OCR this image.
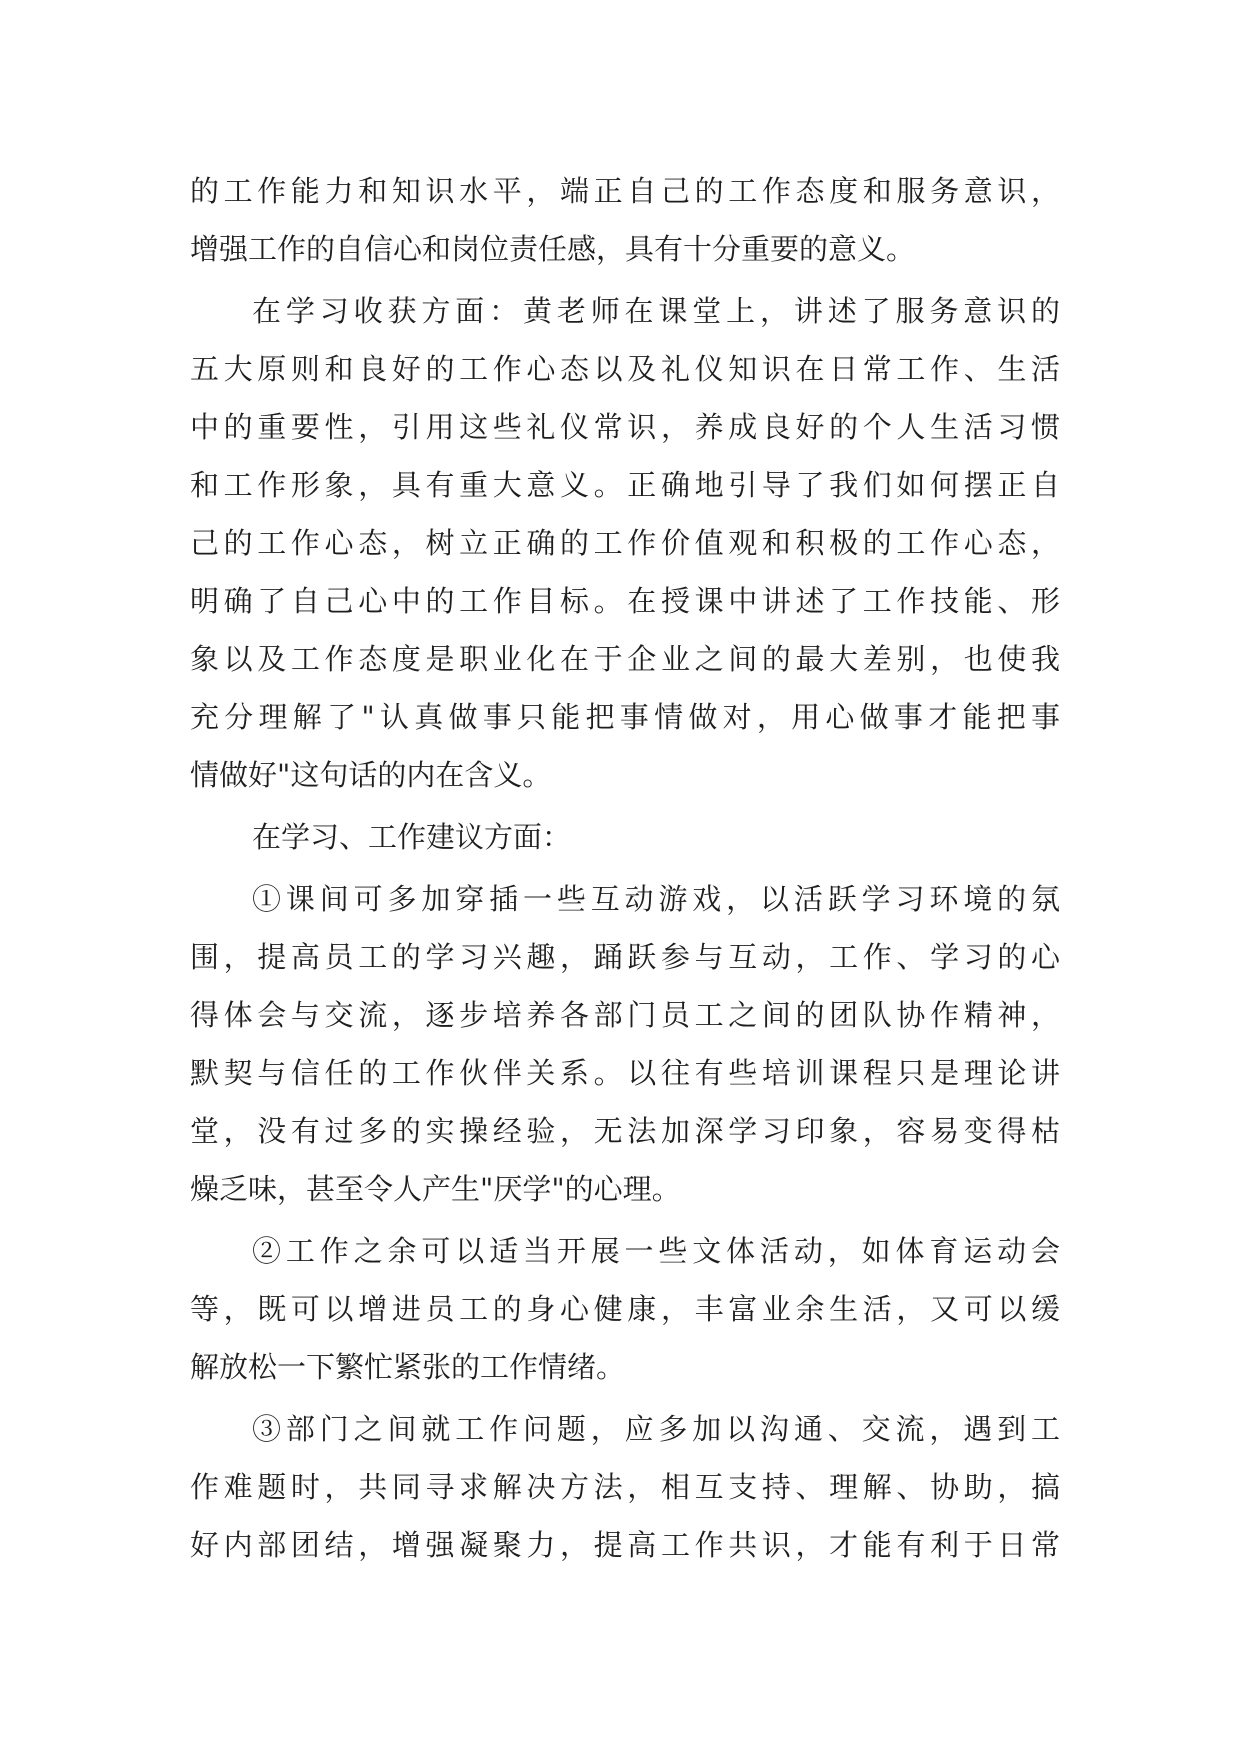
的工作能力和知识水平，端正自己的工作态度和服务意识，
增强工作的自信心和岗位责任感，具有十分重要的意义。
在学习收获方面：黄老师在课堂上，讲述了服务意识的
五大原则和良好的工作心态以及礼仪知识在日常工作、生活
中的重要性，引用这些礼仪常识，养成良好的个人生活习惯
和工作形象，具有重大意义。正确地引导了我们如何摆正自
己的工作心态，树立正确的工作价值观和积极的工作心态，
明确了自己心中的工作目标。在授课中讲述了工作技能、形
象以及工作态度是职业化在于企业之间的最大差别，也使我
充分理解了"认真做事只能把事情做对，用心做事才能把事
情做好"这句话的内在含义。
在学习、工作建议方面：
①课间可多加穿插一些互动游戏，以活跃学习环境的氛
围，提高员工的学习兴趣，踊跃参与互动，工作、学习的心
得体会与交流，逐步培养各部门员工之间的团队协作精神，
默契与信任的工作伙伴关系。以往有些培训课程只是理论讲
堂，没有过多的实操经验，无法加深学习印象，容易变得枯
燥乏味，甚至令人产生"厌学"的心理。
②工作之余可以适当开展一些文体活动，如体育运动会
等，既可以增进员工的身心健康，丰富业余生活，又可以缓
解放松一下繁忙紧张的工作情绪。
③部门之间就工作问题，应多加以沟通、交流，遇到工
作难题时，共同寻求解决方法，相互支持、理解、协助，搞
好内部团结，增强凝聚力，提高工作共识，才能有利于日常
